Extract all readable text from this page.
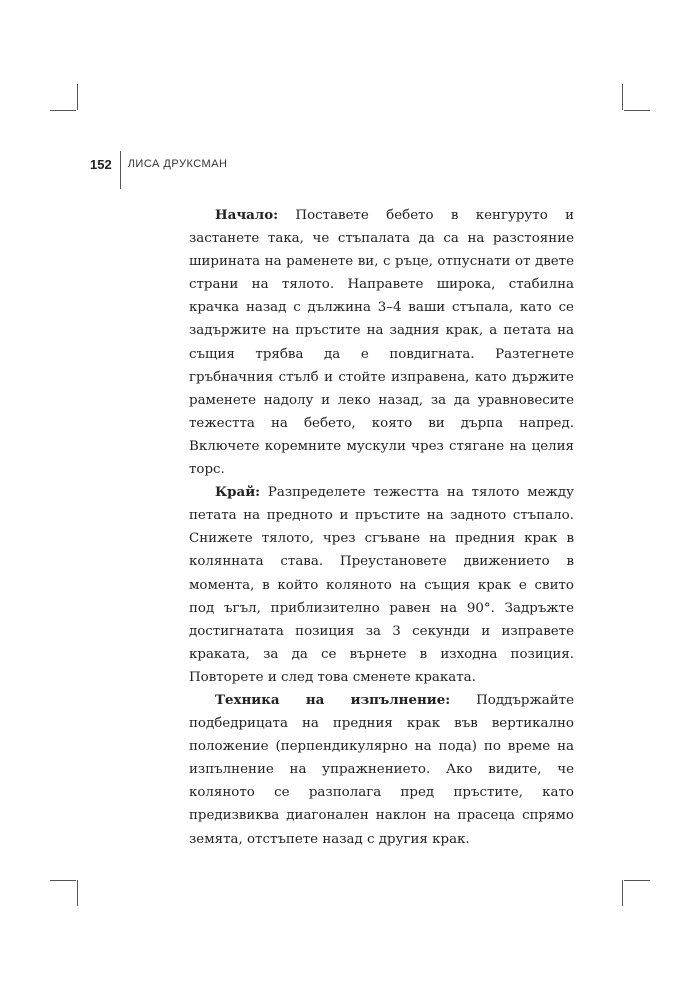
152 ЛИСА ДРУКСМАН

Начало: Поставете бебето в кенгуруто и застанете така, че стъпалата да са на разстояние ширината на раменете ви, с ръце, отпуснати от двете страни на тялото. Направете широка, стабилна крачка назад с дължина 3–4 ваши стъпала, като се задържите на пръстите на задния крак, а петата на същия трябва да е повдигната. Разтегнете гръбначния стълб и стойте изправена, като държите раменете надолу и леко назад, за да уравновесите тежестта на бебето, която ви дърпа напред. Включете коремните мускули чрез стягане на целия торс.

Край: Разпределете тежестта на тялото между петата на предното и пръстите на задното стъпало. Снижете тялото, чрез сгъване на предния крак в колянната става. Преустановете движението в момента, в който коляното на същия крак е свито под ъгъл, приблизително равен на 90°. Задръжте достигнатата позиция за 3 секунди и изправете краката, за да се върнете в изходна позиция. Повторете и след това сменете краката.

Техника на изпълнение: Поддържайте подбедрицата на предния крак във вертикално положение (перпендикулярно на пода) по време на изпълнение на упражнението. Ако видите, че коляното се разполага пред пръстите, като предизвиква диагонален наклон на прасеца спрямо земята, отстъпете назад с другия крак.
